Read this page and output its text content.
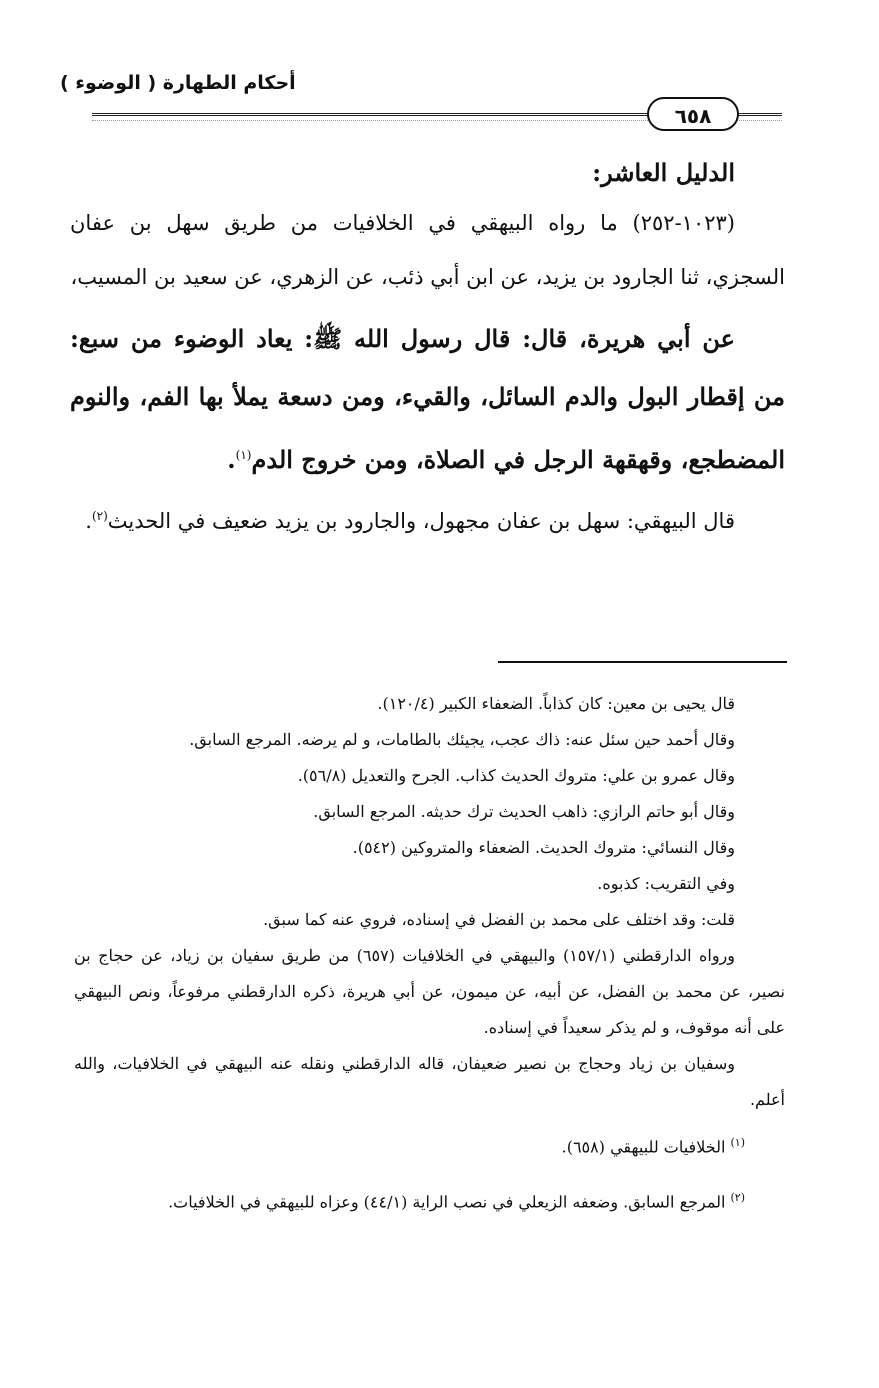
٦٥٨
أحكام الطهارة ( الوضوء )

الدليل العاشر:

(١٠٢٣-٢٥٢) ما رواه البيهقي في الخلافيات من طريق سهل بن عفان السجزي، ثنا الجارود بن يزيد، عن ابن أبي ذئب، عن الزهري، عن سعيد بن المسيب،

عن أبي هريرة، قال: قال رسول الله ﷺ: يعاد الوضوء من سبع: من إقطار البول والدم السائل، والقيء، ومن دسعة يملأ بها الفم، والنوم المضطجع، وقهقهة الرجل في الصلاة، ومن خروج الدم$^{(١)}$.

قال البيهقي: سهل بن عفان مجهول، والجارود بن يزيد ضعيف في الحديث$^{(٢)}$.

قال يحيى بن معين: كان كذاباً. الضعفاء الكبير (١٢٠/٤).

وقال أحمد حين سئل عنه: ذاك عجب، يجيئك بالطامات، و لم يرضه. المرجع السابق.

وقال عمرو بن علي: متروك الحديث كذاب. الجرح والتعديل (٥٦/٨).

وقال أبو حاتم الرازي: ذاهب الحديث ترك حديثه. المرجع السابق.

وقال النسائي: متروك الحديث. الضعفاء والمتروكين (٥٤٢).

وفي التقريب: كذبوه.

قلت: وقد اختلف على محمد بن الفضل في إسناده، فروي عنه كما سبق.

ورواه الدارقطني (١٥٧/١) والبيهقي في الخلافيات (٦٥٧) من طريق سفيان بن زياد، عن حجاج بن نصير، عن محمد بن الفضل، عن أبيه، عن ميمون، عن أبي هريرة، ذكره الدارقطني مرفوعاً، ونص البيهقي على أنه موقوف، و لم يذكر سعيداً في إسناده.

وسفيان بن زياد وحجاج بن نصير ضعيفان، قاله الدارقطني ونقله عنه البيهقي في الخلافيات، والله أعلم.

$^{(١)}$ الخلافيات للبيهقي (٦٥٨).

$^{(٢)}$ المرجع السابق. وضعفه الزيعلي في نصب الراية (٤٤/١) وعزاه للبيهقي في الخلافيات.
